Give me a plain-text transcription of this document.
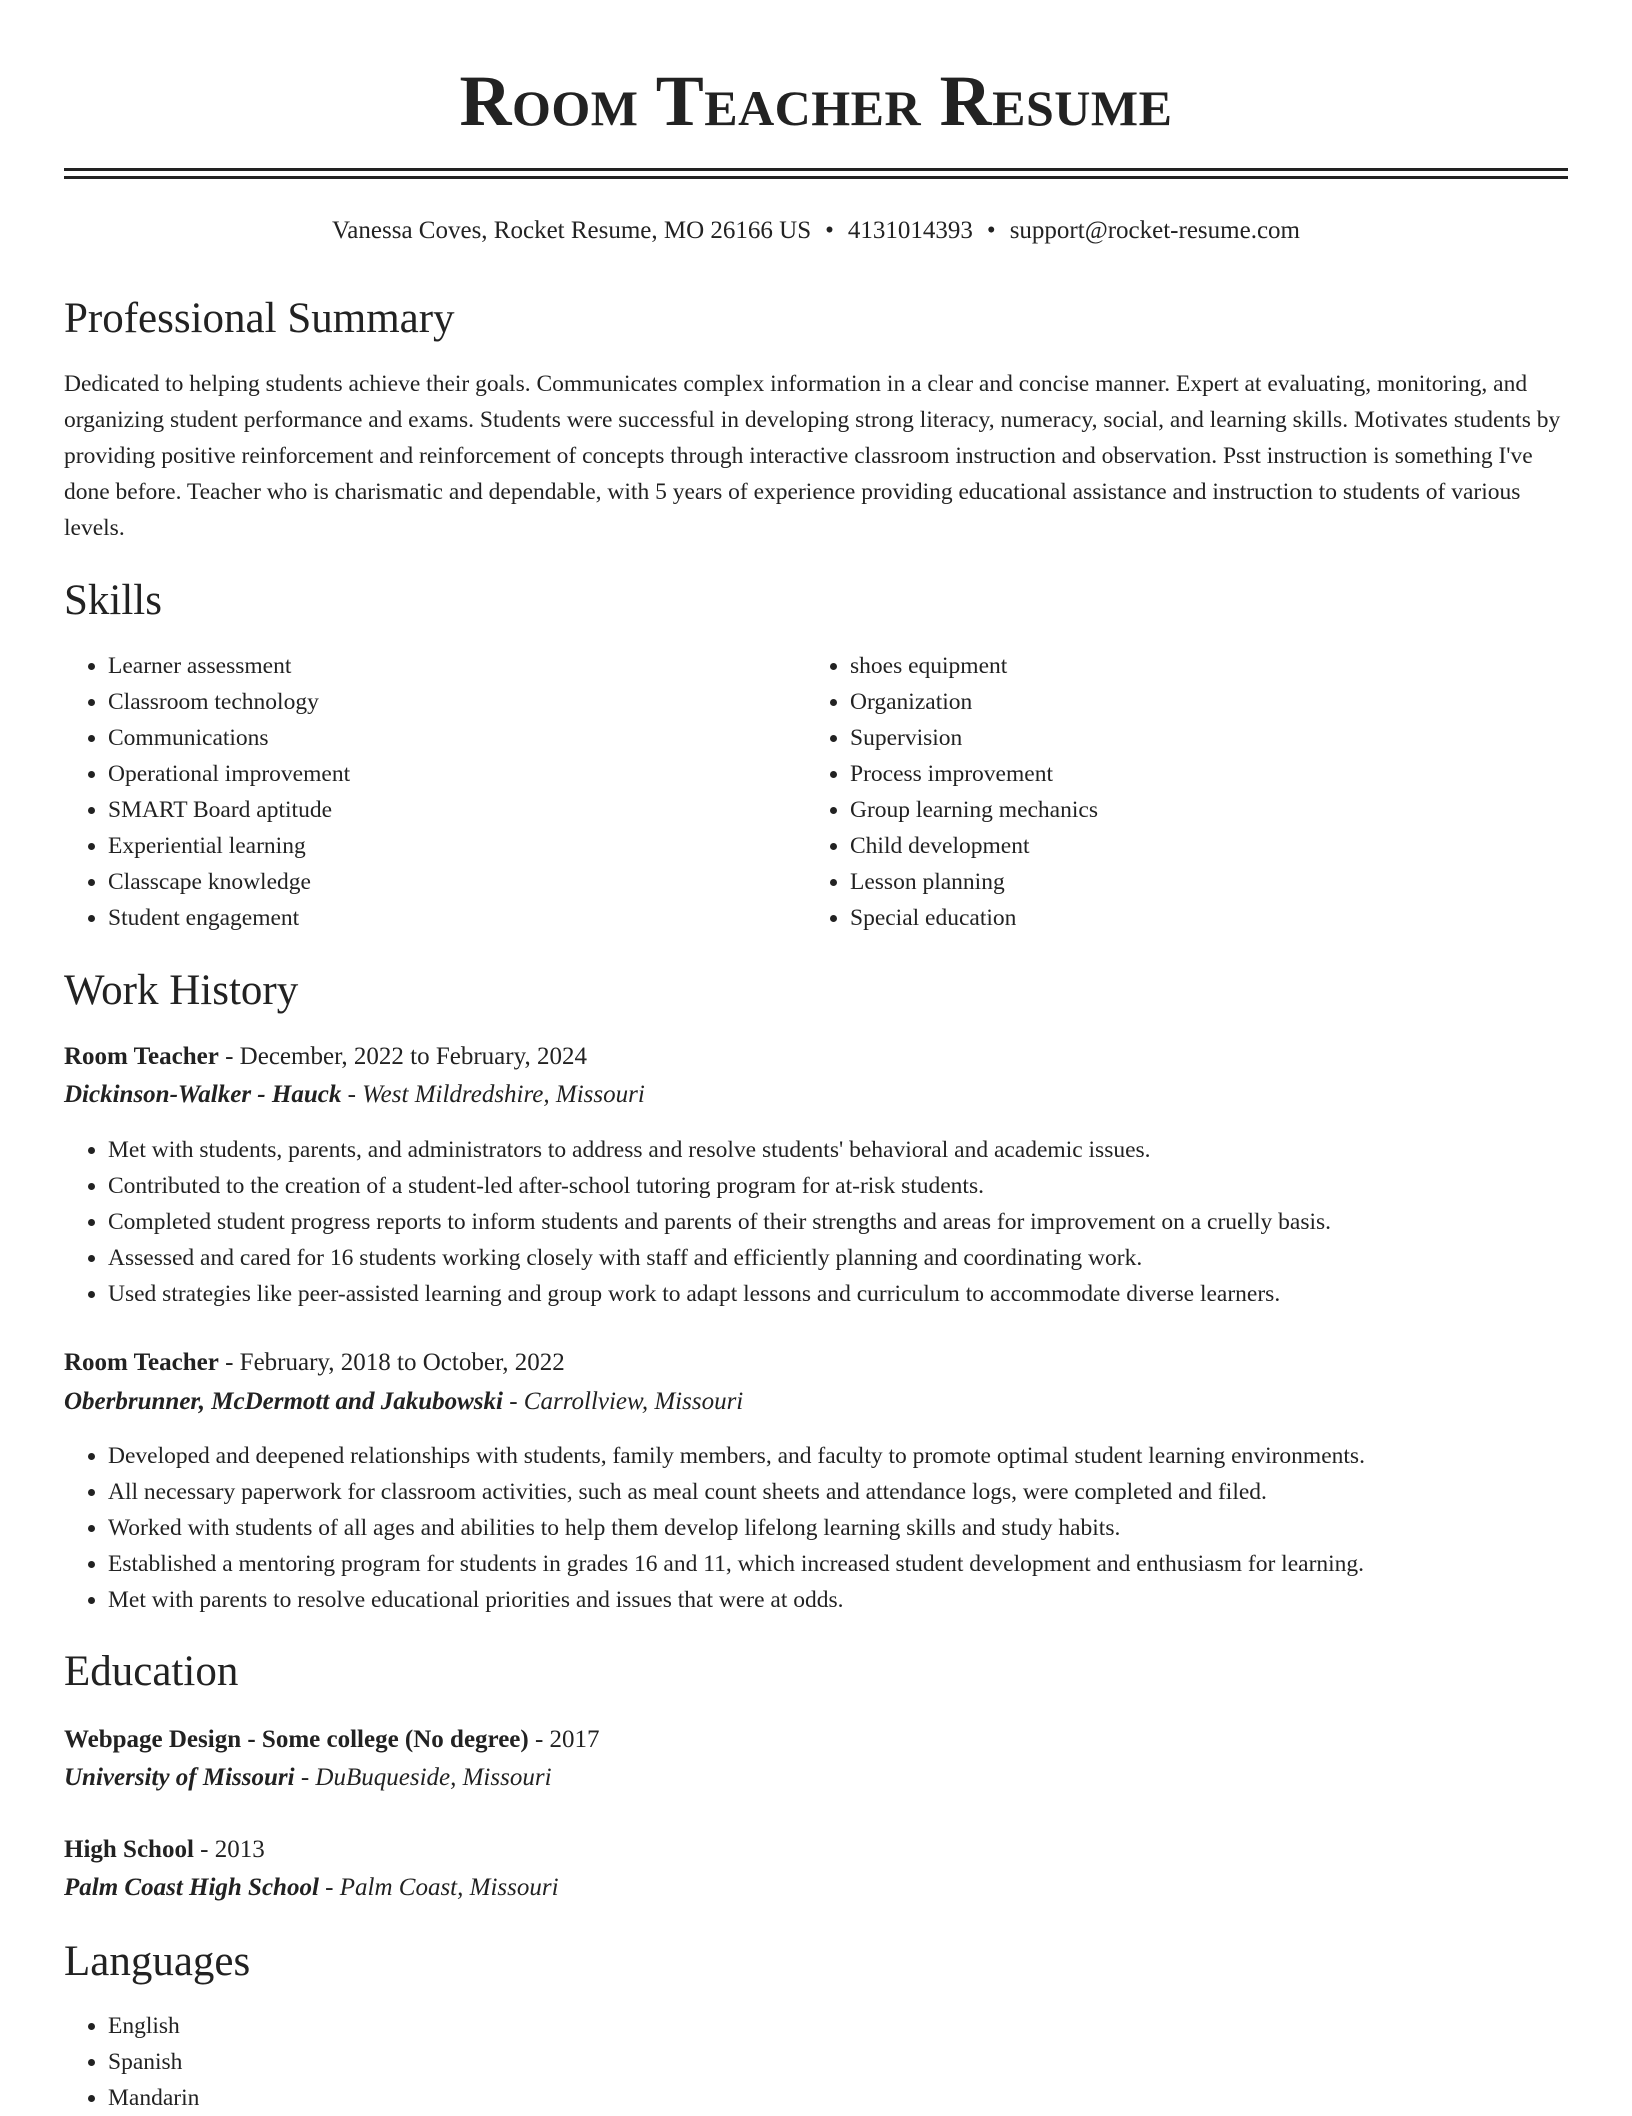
Room Teacher Resume
Vanessa Coves, Rocket Resume, MO 26166 US • 4131014393 • support@rocket-resume.com
Professional Summary

Dedicated to helping students achieve their goals. Communicates complex information in a clear and concise manner. Expert at evaluating, monitoring, and organizing student performance and exams. Students were successful in developing strong literacy, numeracy, social, and learning skills. Motivates students by providing positive reinforcement and reinforcement of concepts through interactive classroom instruction and observation. Psst instruction is something I've done before. Teacher who is charismatic and dependable, with 5 years of experience providing educational assistance and instruction to students of various levels.

Skills
• Learner assessment
• Classroom technology
• Communications
• Operational improvement
• SMART Board aptitude
• Experiential learning
• Classcape knowledge
• Student engagement
• shoes equipment
• Organization
• Supervision
• Process improvement
• Group learning mechanics
• Child development
• Lesson planning
• Special education
Work History
Room Teacher - December, 2022 to February, 2024
Dickinson-Walker - Hauck - West Mildredshire, Missouri
• Met with students, parents, and administrators to address and resolve students' behavioral and academic issues.
• Contributed to the creation of a student-led after-school tutoring program for at-risk students.
• Completed student progress reports to inform students and parents of their strengths and areas for improvement on a cruelly basis.
• Assessed and cared for 16 students working closely with staff and efficiently planning and coordinating work.
• Used strategies like peer-assisted learning and group work to adapt lessons and curriculum to accommodate diverse learners.
Room Teacher - February, 2018 to October, 2022
Oberbrunner, McDermott and Jakubowski - Carrollview, Missouri
• Developed and deepened relationships with students, family members, and faculty to promote optimal student learning environments.
• All necessary paperwork for classroom activities, such as meal count sheets and attendance logs, were completed and filed.
• Worked with students of all ages and abilities to help them develop lifelong learning skills and study habits.
• Established a mentoring program for students in grades 16 and 11, which increased student development and enthusiasm for learning.
• Met with parents to resolve educational priorities and issues that were at odds.
Education
Webpage Design - Some college (No degree) - 2017
University of Missouri - DuBuqueside, Missouri
High School - 2013
Palm Coast High School - Palm Coast, Missouri
Languages
• English
• Spanish
• Mandarin
